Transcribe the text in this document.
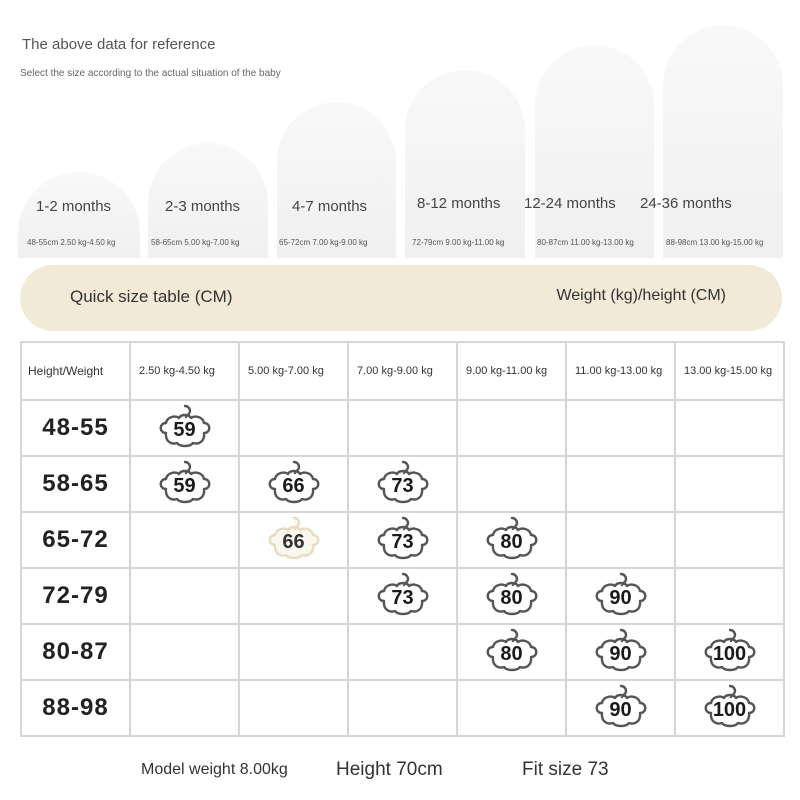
The above data for reference
Select the size according to the actual situation of the baby
1-2 months	2-3 months	4-7 months	8-12 months 12-24 months 24-36 months
48-55cm 2.50 kg-4.50 kg	58-65cm 5.00 kg-7.00 kg	65-72cm 7.00 kg-9.00 kg	72-79cm 9.00 kg-11.00 kg	80-87cm 11.00 kg-13.00 kg	88-98cm 13.00 kg-15.00 kg
Quick size table (CM)	Weight (kg)/height (CM)
Height/Weight	2.50 kg-4.50 kg	5.00 kg-7.00 kg	7.00 kg-9.00 kg	9.00 kg-11.00 kg	11.00 kg-13.00 kg	13.00 kg-15.00 kg
48-55	59					

58-65	59	66	73			

65-72		66	73	80		

72-79			73	80	90	

80-87				80	90	100

88-98					90	100
Model weight 8.00kg	Height 70cm	Fit size 73
